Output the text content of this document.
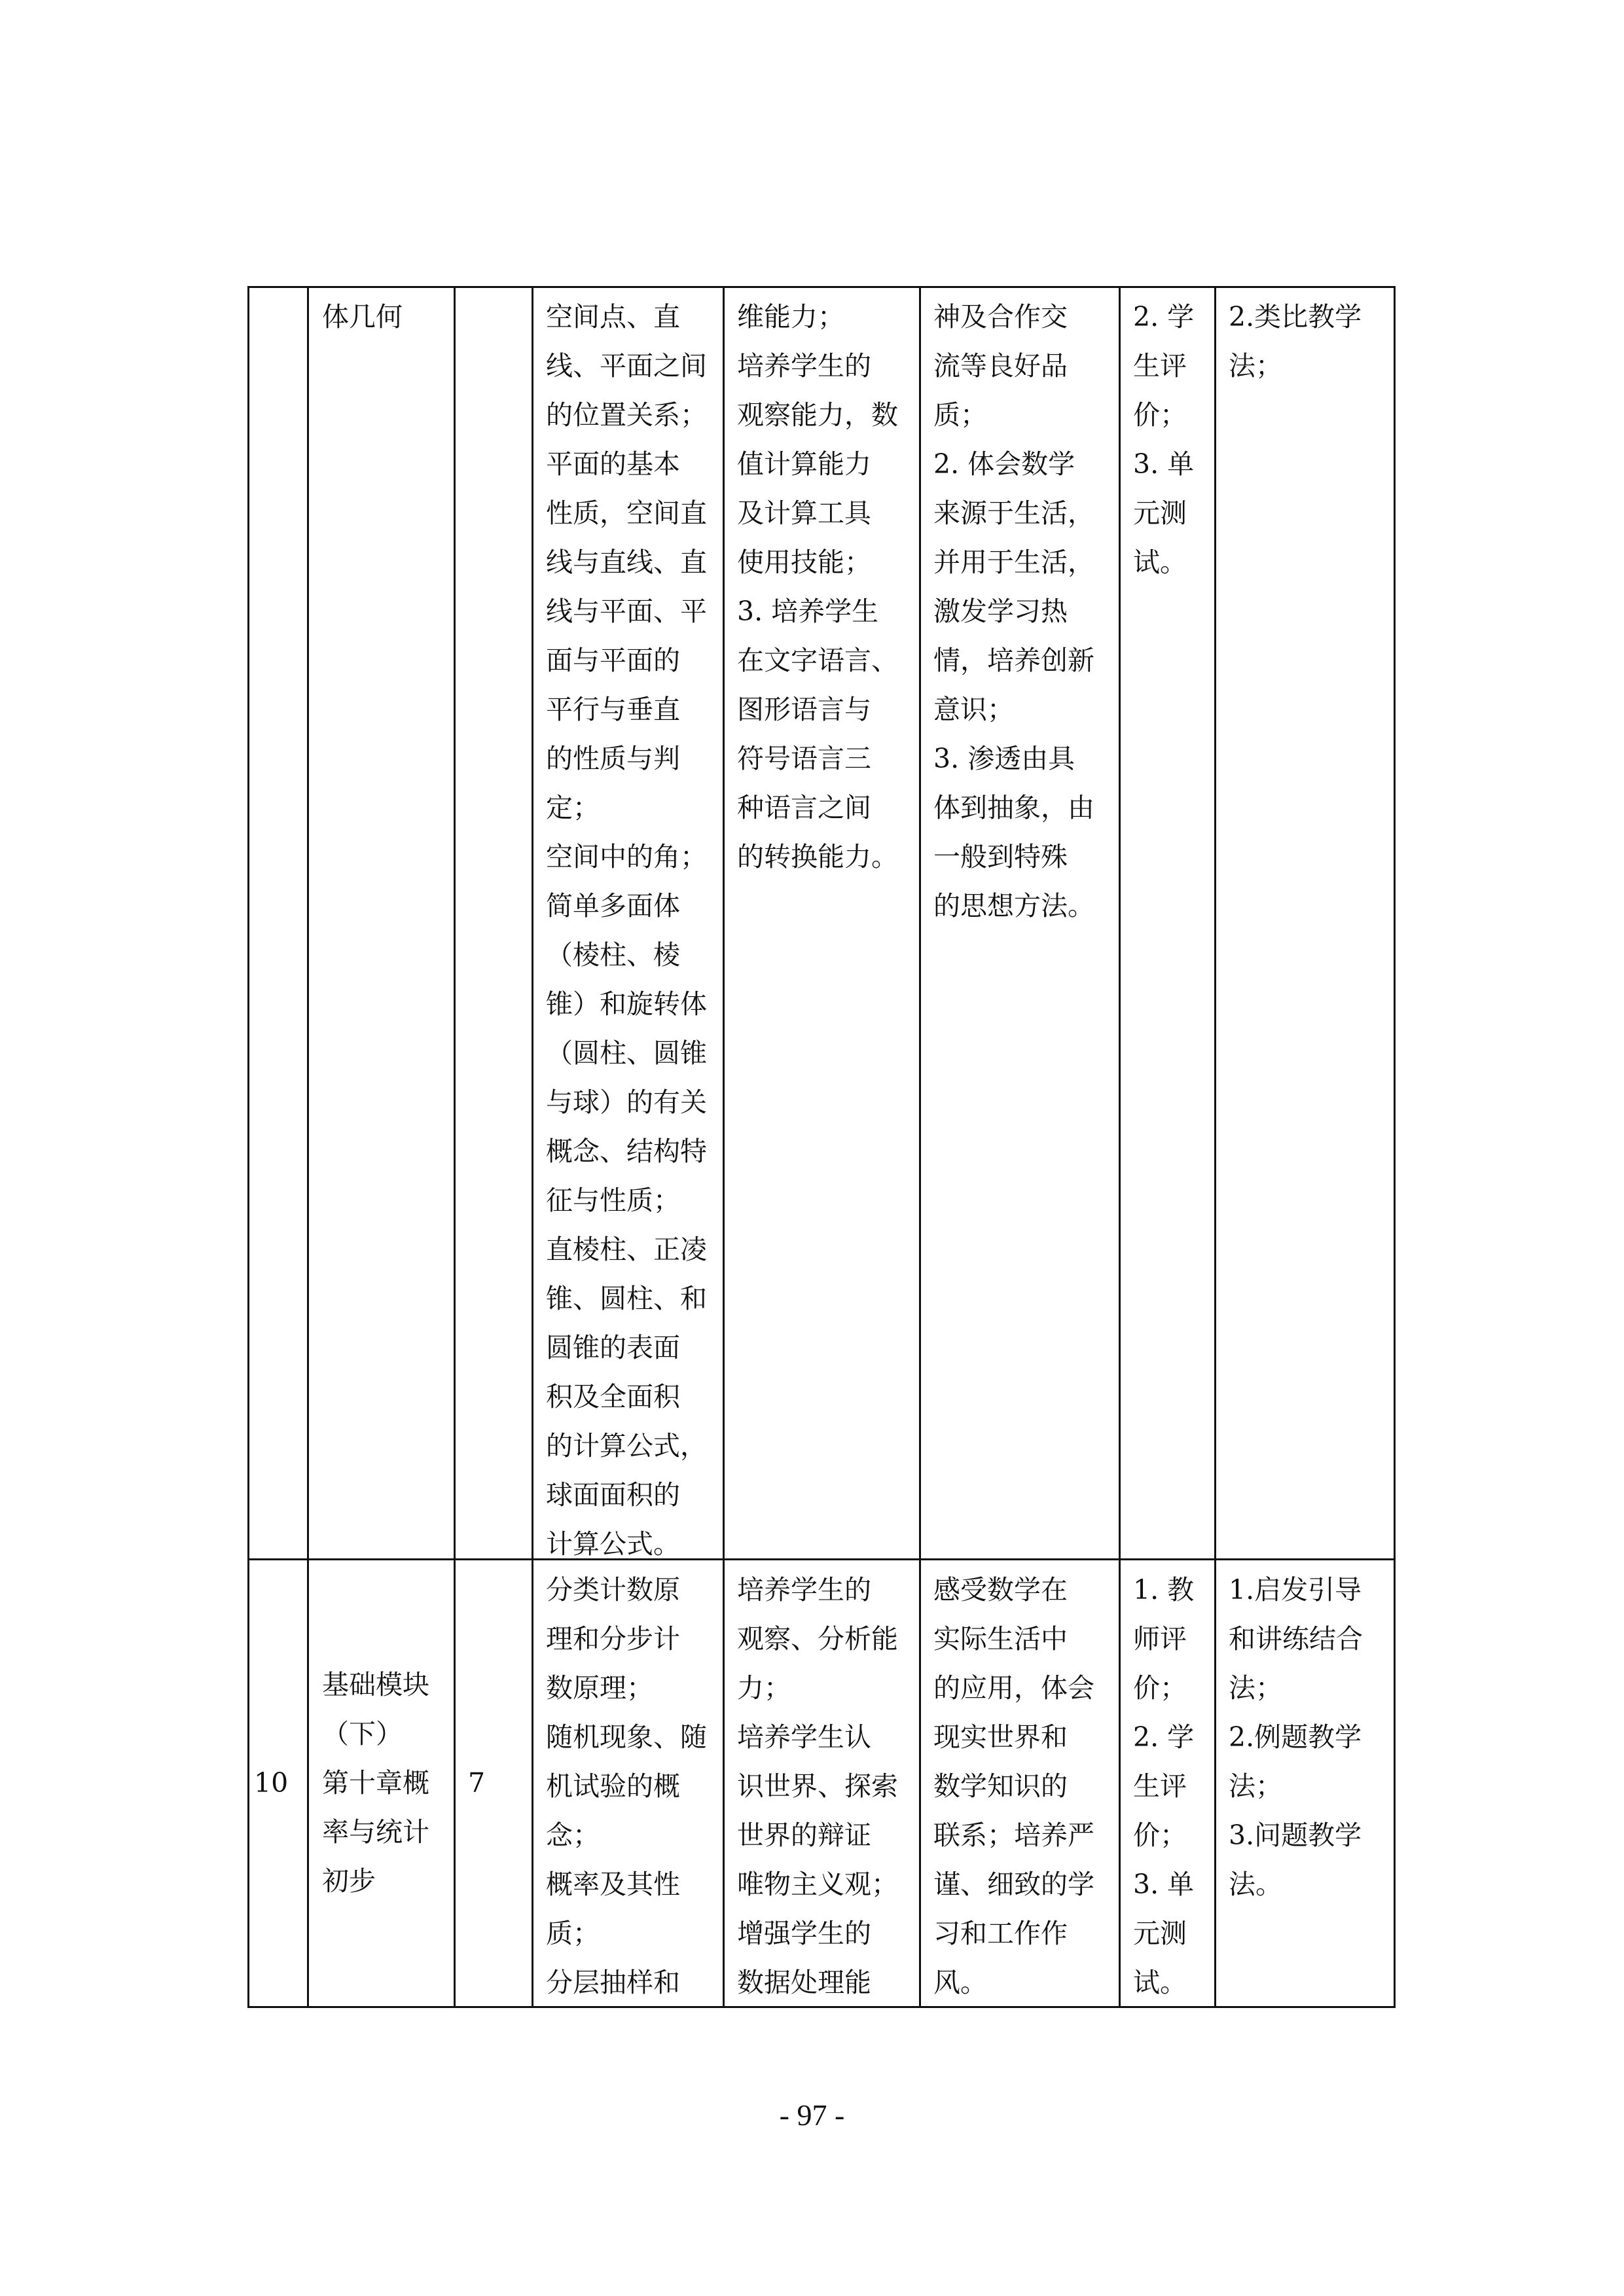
体几何	空间点、直
线、平面之间
的位置关系；
平面的基本
性质，空间直
线与直线、直
线与平面、平
面与平面的
平行与垂直
的性质与判
定；
空间中的角；
简单多面体
（棱柱、棱
锥）和旋转体
（圆柱、圆锥
与球）的有关
概念、结构特
征与性质；
直棱柱、正凌
锥、圆柱、和
圆锥的表面
积及全面积
的计算公式，
球面面积的
计算公式。
维能力；
培养学生的
观察能力，数
值计算能力
及计算工具
使用技能；
3. 培养学生
在文字语言、
图形语言与
符号语言三
种语言之间
的转换能力。
神及合作交
流等良好品
质；
2. 体会数学
来源于生活，
并用于生活，
激发学习热
情，培养创新
意识；
3. 渗透由具
体到抽象，由
一般到特殊
的思想方法。
2. 学
生评
价；
3. 单
元测
试。
2.类比教学
法；
10
基础模块
（下）
第十章概
率与统计
初步
7
分类计数原
理和分步计
数原理；
随机现象、随
机试验的概
念；
概率及其性
质；
分层抽样和
培养学生的
观察、分析能
力；
培养学生认
识世界、探索
世界的辩证
唯物主义观；
增强学生的
数据处理能
感受数学在
实际生活中
的应用，体会
现实世界和
数学知识的
联系；培养严
谨、细致的学
习和工作作
风。
1. 教
师评
价；
2. 学
生评
价；
3. 单
元测
试。
1.启发引导
和讲练结合
法；
2.例题教学
法；
3.问题教学
法。
- 97 -
